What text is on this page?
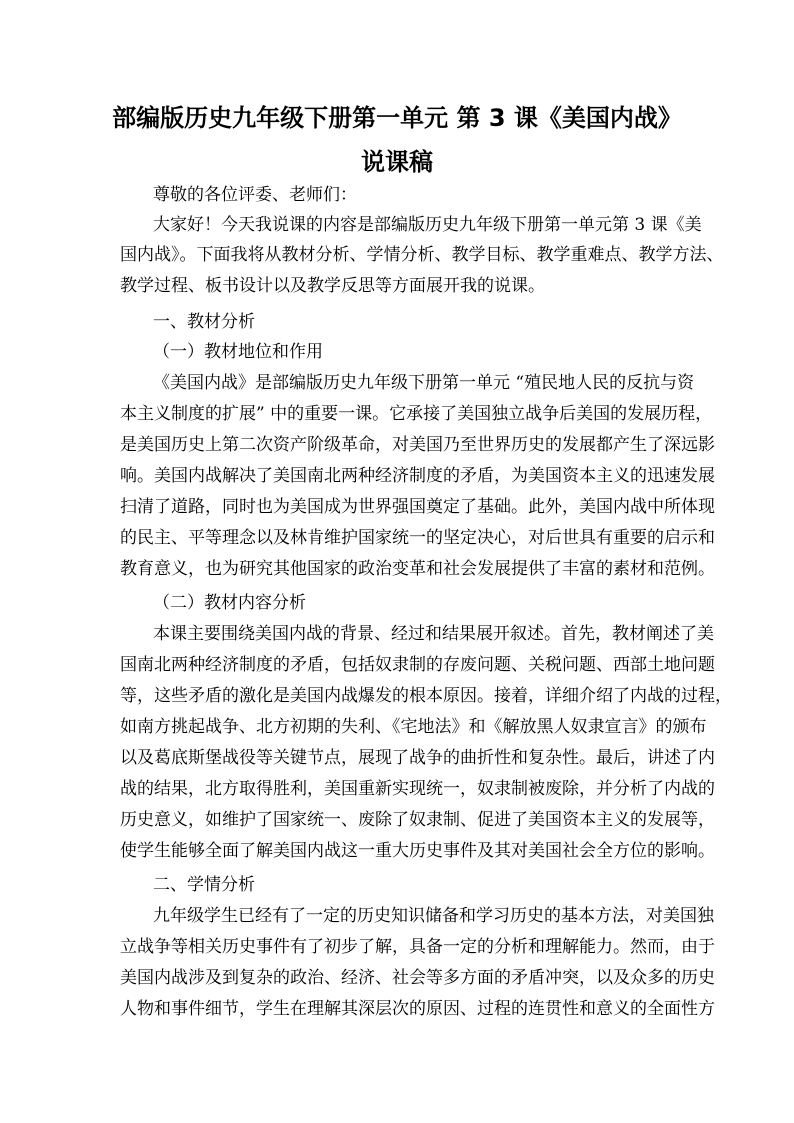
部编版历史九年级下册第一单元 第 3 课《美国内战》
说课稿
尊敬的各位评委、老师们：
大家好！今天我说课的内容是部编版历史九年级下册第一单元第 3 课《美
国内战》。下面我将从教材分析、学情分析、教学目标、教学重难点、教学方法、
教学过程、板书设计以及教学反思等方面展开我的说课。
一、教材分析
（一）教材地位和作用
《美国内战》是部编版历史九年级下册第一单元 “殖民地人民的反抗与资
本主义制度的扩展” 中的重要一课。它承接了美国独立战争后美国的发展历程，
是美国历史上第二次资产阶级革命，对美国乃至世界历史的发展都产生了深远影
响。美国内战解决了美国南北两种经济制度的矛盾，为美国资本主义的迅速发展
扫清了道路，同时也为美国成为世界强国奠定了基础。此外，美国内战中所体现
的民主、平等理念以及林肯维护国家统一的坚定决心，对后世具有重要的启示和
教育意义，也为研究其他国家的政治变革和社会发展提供了丰富的素材和范例。
（二）教材内容分析
本课主要围绕美国内战的背景、经过和结果展开叙述。首先，教材阐述了美
国南北两种经济制度的矛盾，包括奴隶制的存废问题、关税问题、西部土地问题
等，这些矛盾的激化是美国内战爆发的根本原因。接着，详细介绍了内战的过程，
如南方挑起战争、北方初期的失利、《宅地法》和《解放黑人奴隶宣言》的颁布
以及葛底斯堡战役等关键节点，展现了战争的曲折性和复杂性。最后，讲述了内
战的结果，北方取得胜利，美国重新实现统一，奴隶制被废除，并分析了内战的
历史意义，如维护了国家统一、废除了奴隶制、促进了美国资本主义的发展等，
使学生能够全面了解美国内战这一重大历史事件及其对美国社会全方位的影响。
二、学情分析
九年级学生已经有了一定的历史知识储备和学习历史的基本方法，对美国独
立战争等相关历史事件有了初步了解，具备一定的分析和理解能力。然而，由于
美国内战涉及到复杂的政治、经济、社会等多方面的矛盾冲突，以及众多的历史
人物和事件细节，学生在理解其深层次的原因、过程的连贯性和意义的全面性方
